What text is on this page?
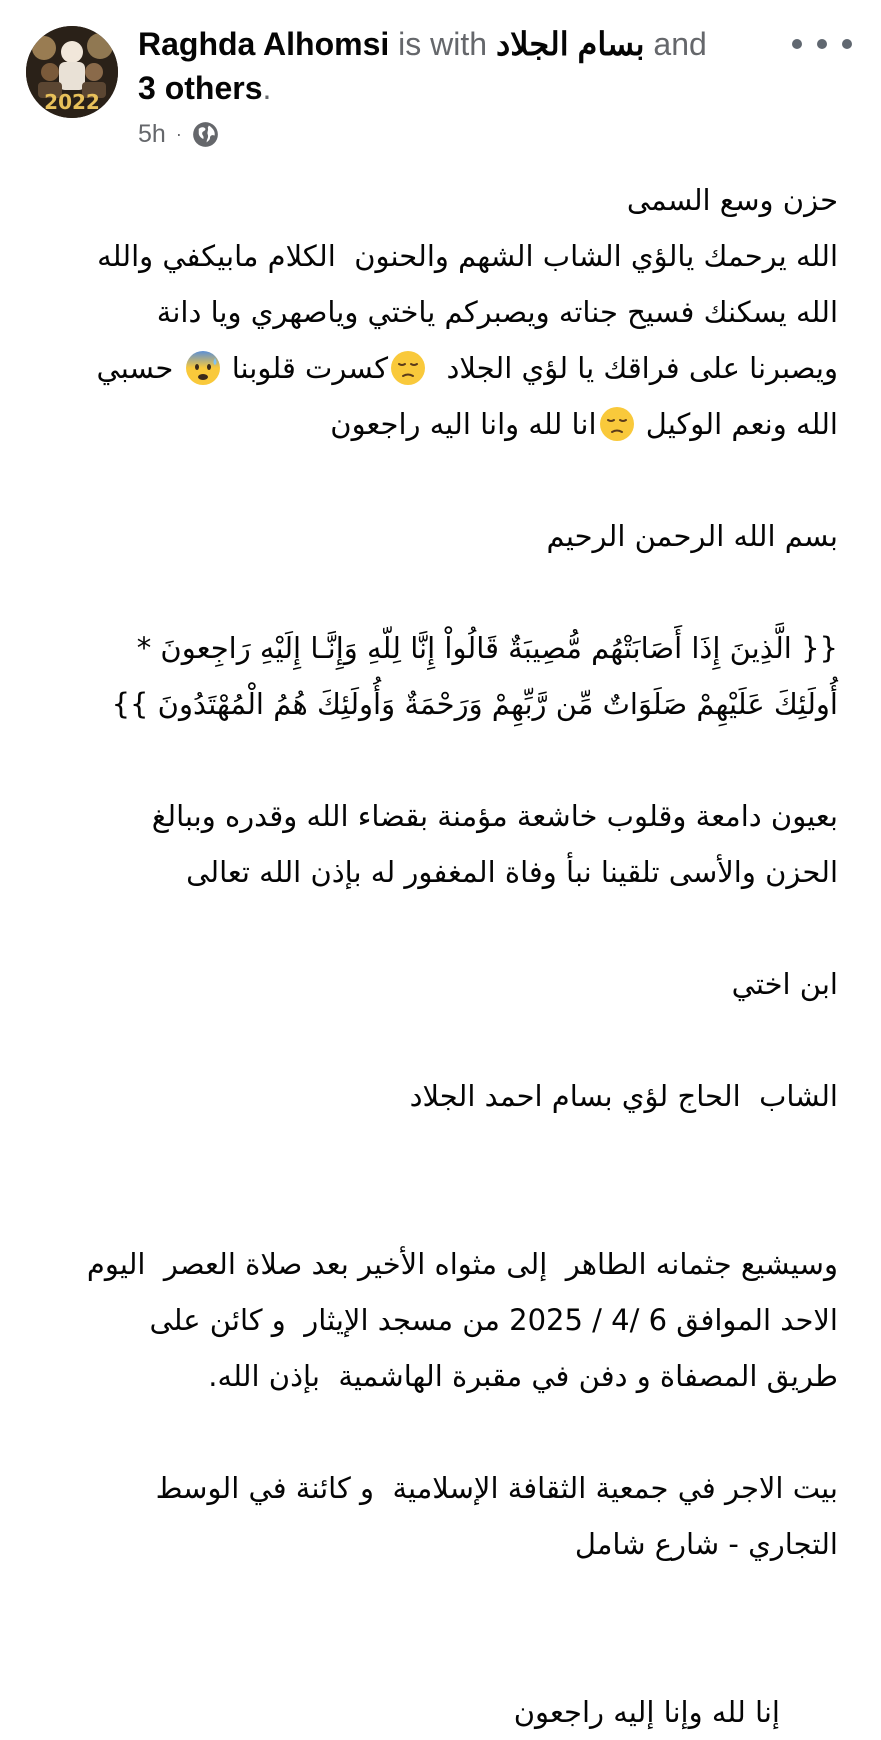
2022
Raghda Alhomsi is with بسام الجلاد and
3 others.
5h ·

حزن وسع السمى

الله يرحمك يالؤي الشاب الشهم والحنون  الكلام مابيكفي والله

الله يسكنك فسيح جناته ويصبركم ياختي وياصهري ويا دانة

ويصبرنا على فراقك يا لؤي الجلاد  كسرت قلوبنا  حسبي

الله ونعم الوكيل انا لله وانا اليه راجعون

بسم الله الرحمن الرحيم

{{ الَّذِينَ إِذَا أَصَابَتْهُم مُّصِيبَةٌ قَالُواْ إِنَّا لِلّهِ وَإِنَّـا إِلَيْهِ رَاجِعونَ *

أُولَئِكَ عَلَيْهِمْ صَلَوَاتٌ مِّن رَّبِّهِمْ وَرَحْمَةٌ وَأُولَئِكَ هُمُ الْمُهْتَدُونَ }}

بعيون دامعة وقلوب خاشعة مؤمنة بقضاء الله وقدره وببالغ

الحزن والأسى تلقينا نبأ وفاة المغفور له بإذن الله تعالى

ابن اختي

الشاب  الحاج لؤي بسام احمد الجلاد

وسيشيع جثمانه الطاهر  إلى مثواه الأخير بعد صلاة العصر  اليوم

الاحد الموافق 6 /4 / 2025 من مسجد الإيثار  و كائن على

طريق المصفاة و دفن في مقبرة الهاشمية  بإذن الله.

بيت الاجر في جمعية الثقافة الإسلامية  و كائنة في الوسط

التجاري - شارع شامل

إنا لله وإنا إليه راجعون
